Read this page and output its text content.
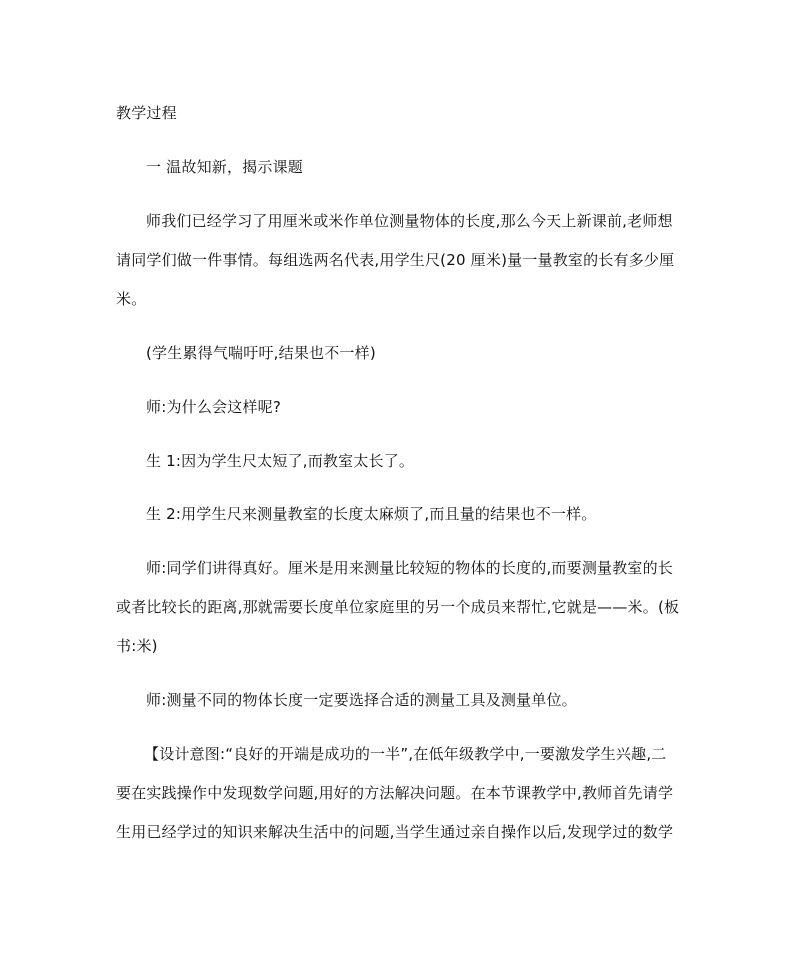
教学过程
一 温故知新，揭示课题
师我们已经学习了用厘米或米作单位测量物体的长度,那么今天上新课前,老师想
请同学们做一件事情。每组选两名代表,用学生尺(20 厘米)量一量教室的长有多少厘
米。
(学生累得气喘吁吁,结果也不一样)
师:为什么会这样呢?
生 1:因为学生尺太短了,而教室太长了。
生 2:用学生尺来测量教室的长度太麻烦了,而且量的结果也不一样。
师:同学们讲得真好。厘米是用来测量比较短的物体的长度的,而要测量教室的长
或者比较长的距离,那就需要长度单位家庭里的另一个成员来帮忙,它就是——米。(板
书:米)
师:测量不同的物体长度一定要选择合适的测量工具及测量单位。
【设计意图:“良好的开端是成功的一半”,在低年级教学中,一要激发学生兴趣,二
要在实践操作中发现数学问题,用好的方法解决问题。在本节课教学中,教师首先请学
生用已经学过的知识来解决生活中的问题,当学生通过亲自操作以后,发现学过的数学
